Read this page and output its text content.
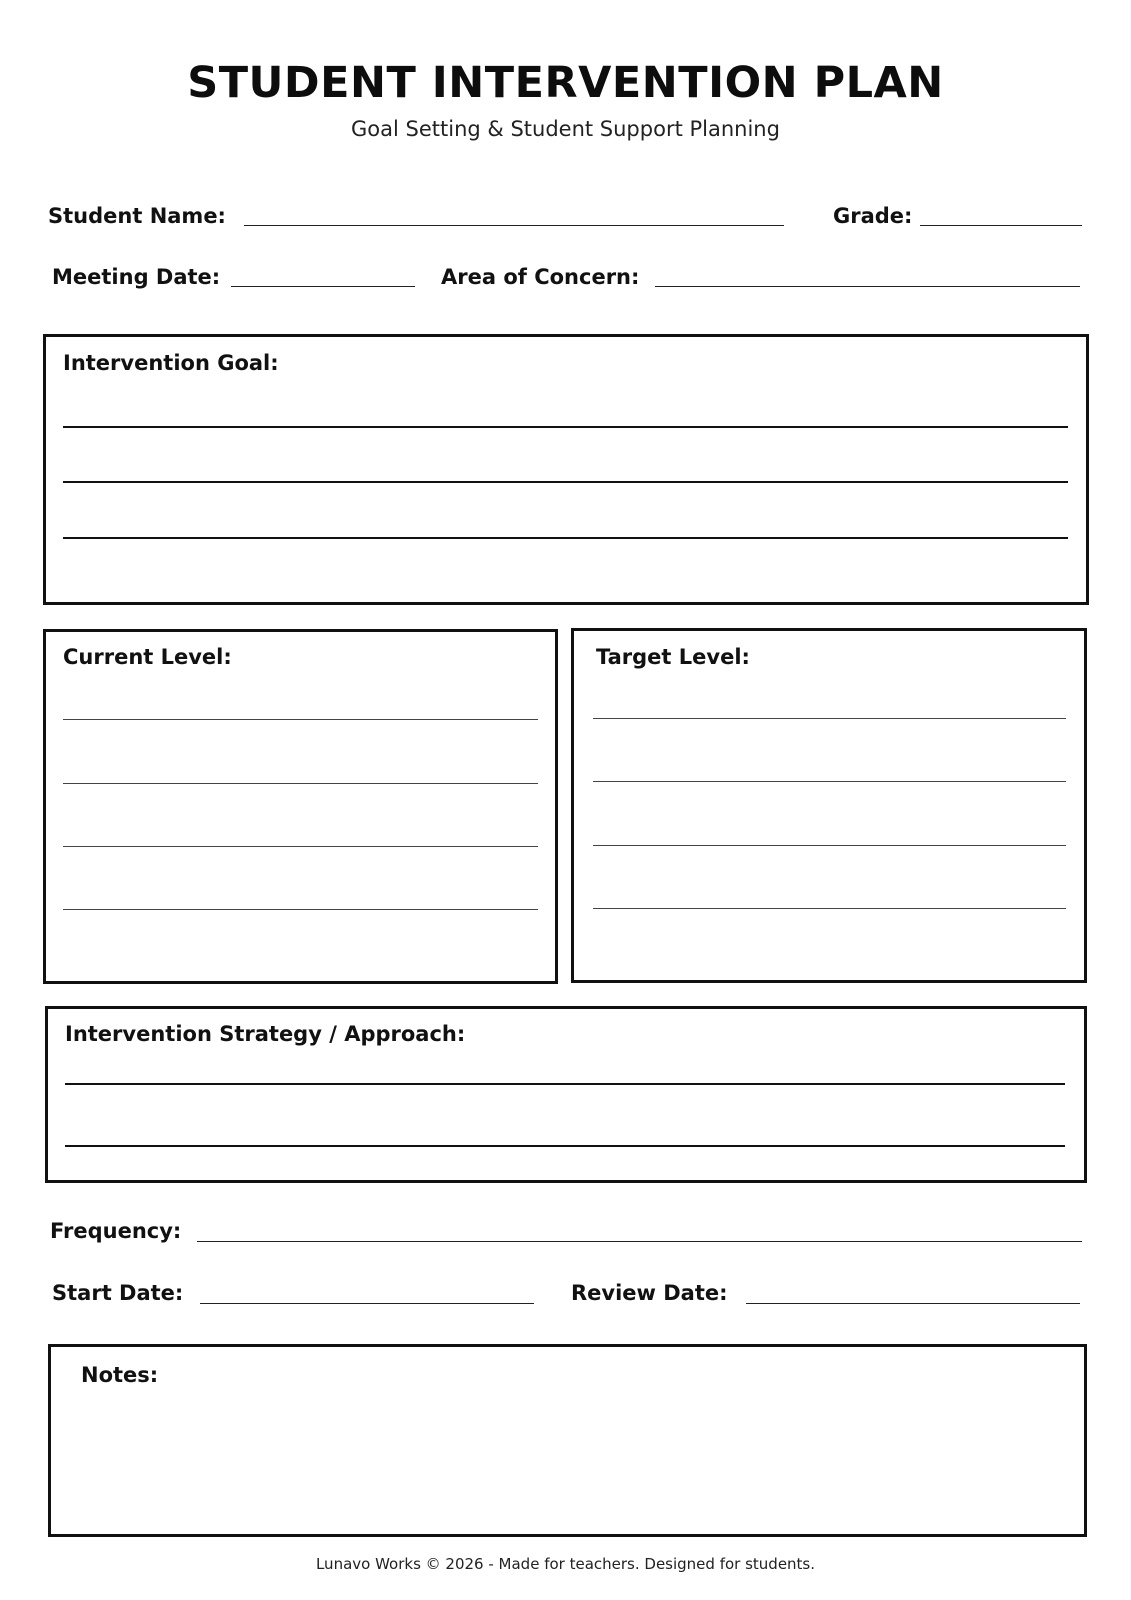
STUDENT INTERVENTION PLAN
Goal Setting & Student Support Planning
Student Name:	Grade:
Meeting Date:	Area of Concern:
Intervention Goal:
Current Level:	Target Level:
Intervention Strategy / Approach:
Frequency:
Start Date:	Review Date:
Notes:
Lunavo Works © 2026 - Made for teachers. Designed for students.
